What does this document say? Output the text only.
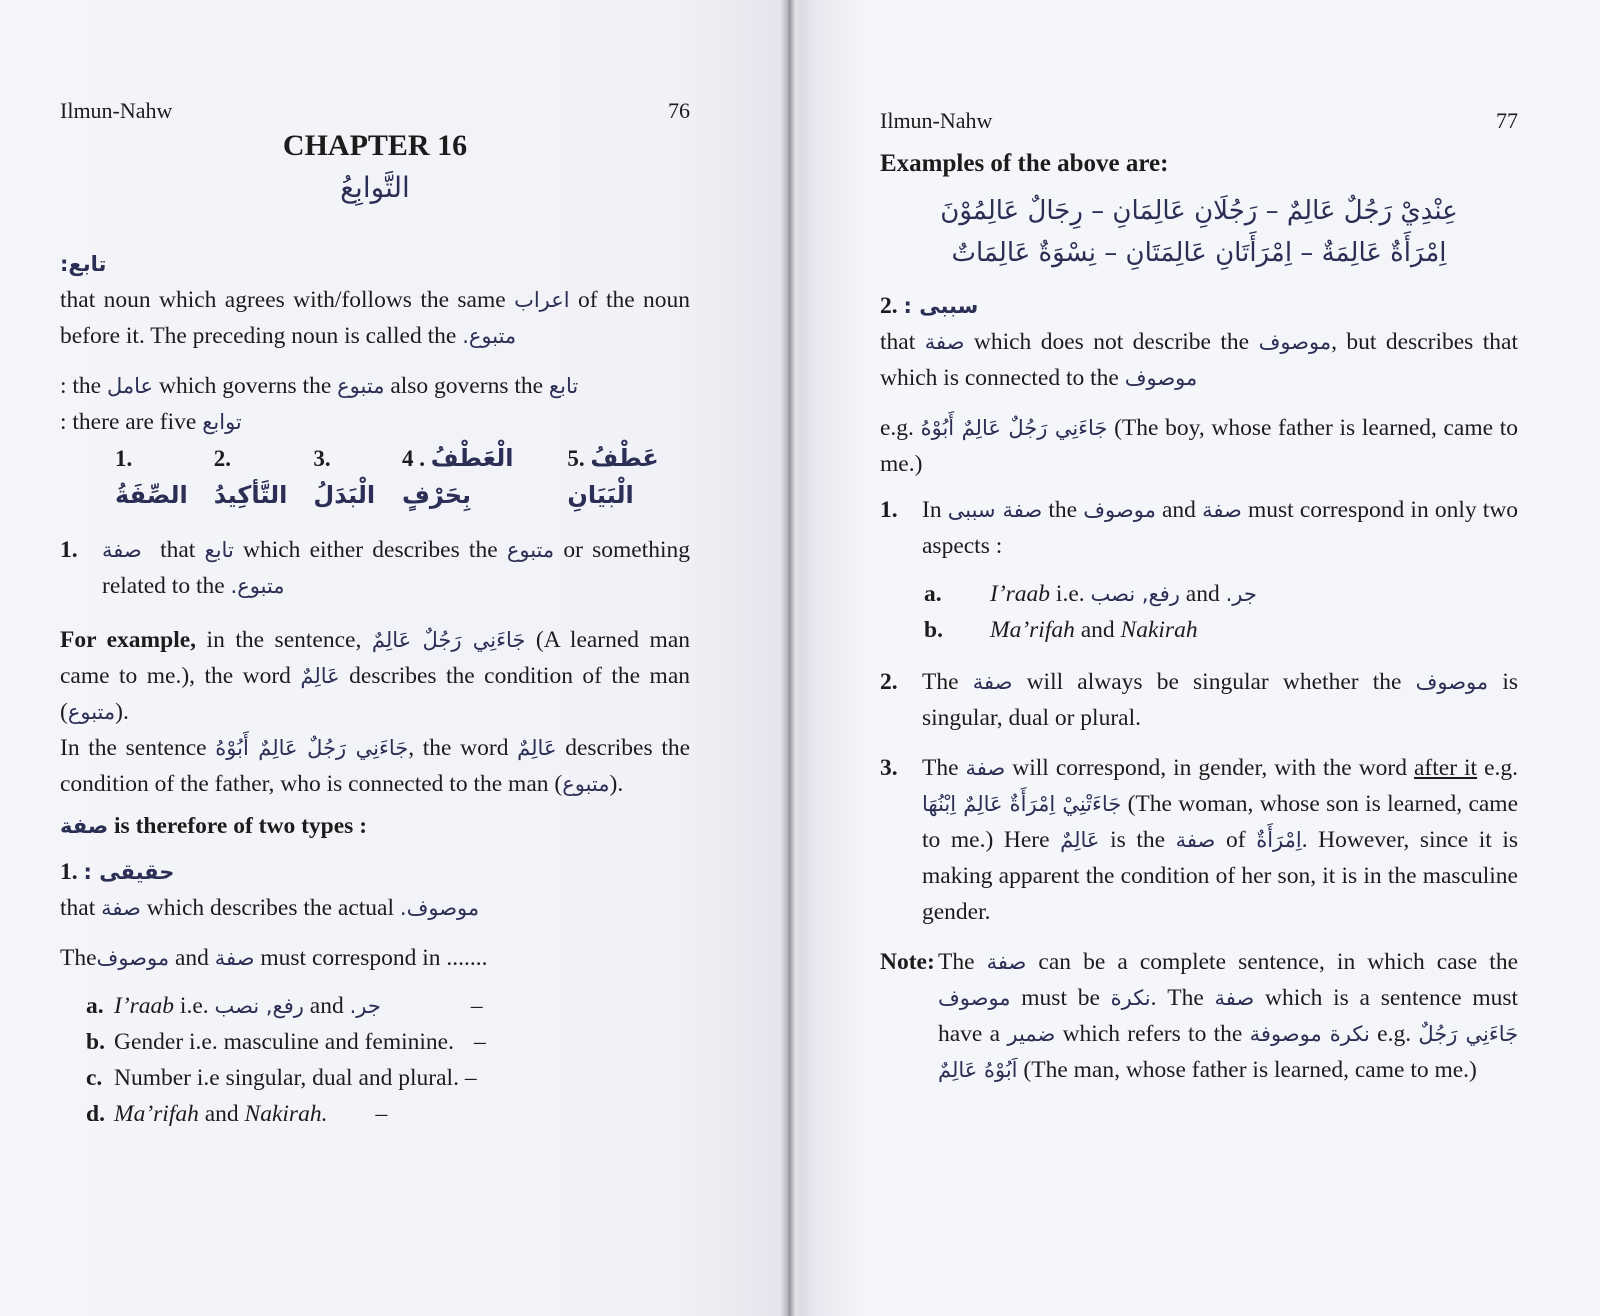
Ilmun-Nahw	76

CHAPTER 16

التَّوابِعُ

تابع:

that noun which agrees with/follows the same اعراب of the noun before it. The preceding noun is called the متبوع.

: the عامل which governs the متبوع also governs the تابع

: there are five توابع

1. الصِّفَةُ
2. التَّأكِيدُ
3. الْبَدَلُ
4 . الْعَطْفُ بِحَرْفٍ
5. عَطْفُ الْبَيَانِ
1.	صفة that تابع which either describes the متبوع or something related to the متبوع.

For example, in the sentence, جَاءَنِي رَجُلٌ عَالِمٌ (A learned man came to me.), the word عَالِمٌ describes the condition of the man (متبوع).

In the sentence جَاءَنِي رَجُلٌ عَالِمٌ أَبُوْهُ, the word عَالِمٌ describes the condition of the father, who is connected to the man (متبوع).

صفة is therefore of two types :

1. حقيقى :

that صفة which describes the actual موصوف.

Theموصوف and صفة must correspond in .......

a. I’raab i.e. رفع, نصب and جر.	–

b. Gender i.e. masculine and feminine. –

c. Number i.e singular, dual and plural. –

d. Ma’rifah and Nakirah. –

Ilmun-Nahw	77

Examples of the above are:

عِنْدِيْ رَجُلٌ عَالِمٌ – رَجُلَانِ عَالِمَانِ – رِجَالٌ عَالِمُوْنَ

اِمْرَأَةٌ عَالِمَةٌ – اِمْرَأَتَانِ عَالِمَتَانِ – نِسْوَةٌ عَالِمَاتٌ

2. سببى :

that صفة which does not describe the موصوف, but describes that which is connected to the موصوف

e.g. جَاءَنِي رَجُلٌ عَالِمٌ أَبُوْهُ (The boy, whose father is learned, came to me.)

1.	In صفة سببى the موصوف and صفة must correspond in only two aspects :

a. I’raab i.e. رفع, نصب and جر.

b. Ma’rifah and Nakirah

2.	The صفة will always be singular whether the موصوف is singular, dual or plural.
3.	The صفة will correspond, in gender, with the word after it e.g. جَاءَتْنِيْ اِمْرَأَةٌ عَالِمٌ اِبْنُهَا (The woman, whose son is learned, came to me.) Here عَالِمٌ is the صفة of اِمْرَأَةٌ. However, since it is making apparent the condition of her son, it is in the masculine gender.
Note: The صفة can be a complete sentence, in which case the موصوف must be نكرة. The صفة which is a sentence must have a ضمير which refers to the نكرة موصوفة e.g. جَاءَنِي رَجُلٌ اَبُوْهُ عَالِمٌ (The man, whose father is learned, came to me.)
